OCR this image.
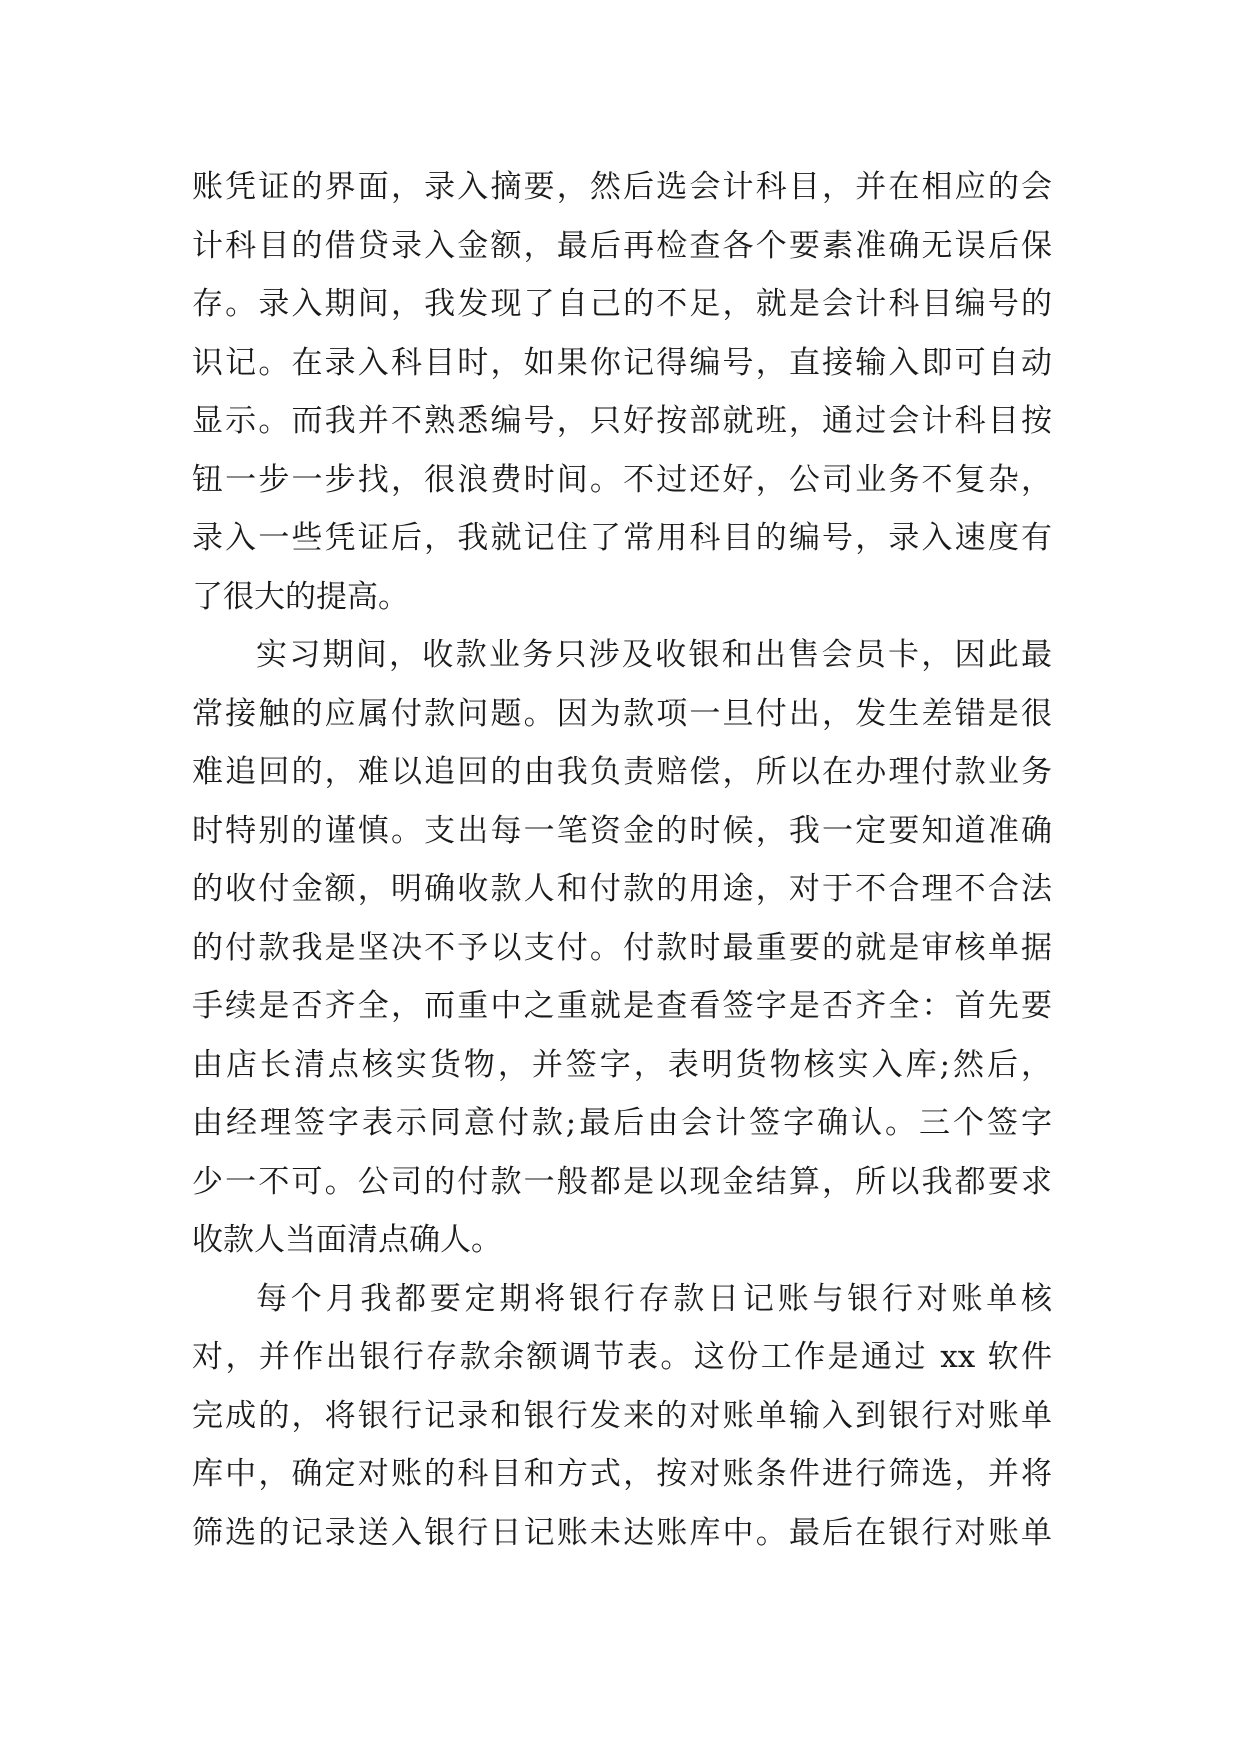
账凭证的界面，录入摘要，然后选会计科目，并在相应的会
计科目的借贷录入金额，最后再检查各个要素准确无误后保
存。录入期间，我发现了自己的不足，就是会计科目编号的
识记。在录入科目时，如果你记得编号，直接输入即可自动
显示。而我并不熟悉编号，只好按部就班，通过会计科目按
钮一步一步找，很浪费时间。不过还好，公司业务不复杂，
录入一些凭证后，我就记住了常用科目的编号，录入速度有
了很大的提高。
实习期间，收款业务只涉及收银和出售会员卡，因此最
常接触的应属付款问题。因为款项一旦付出，发生差错是很
难追回的，难以追回的由我负责赔偿，所以在办理付款业务
时特别的谨慎。支出每一笔资金的时候，我一定要知道准确
的收付金额，明确收款人和付款的用途，对于不合理不合法
的付款我是坚决不予以支付。付款时最重要的就是审核单据
手续是否齐全，而重中之重就是查看签字是否齐全：首先要
由店长清点核实货物，并签字，表明货物核实入库;然后，
由经理签字表示同意付款;最后由会计签字确认。三个签字
少一不可。公司的付款一般都是以现金结算，所以我都要求
收款人当面清点确人。
每个月我都要定期将银行存款日记账与银行对账单核
对，并作出银行存款余额调节表。这份工作是通过 xx 软件
完成的，将银行记录和银行发来的对账单输入到银行对账单
库中，确定对账的科目和方式，按对账条件进行筛选，并将
筛选的记录送入银行日记账未达账库中。最后在银行对账单
